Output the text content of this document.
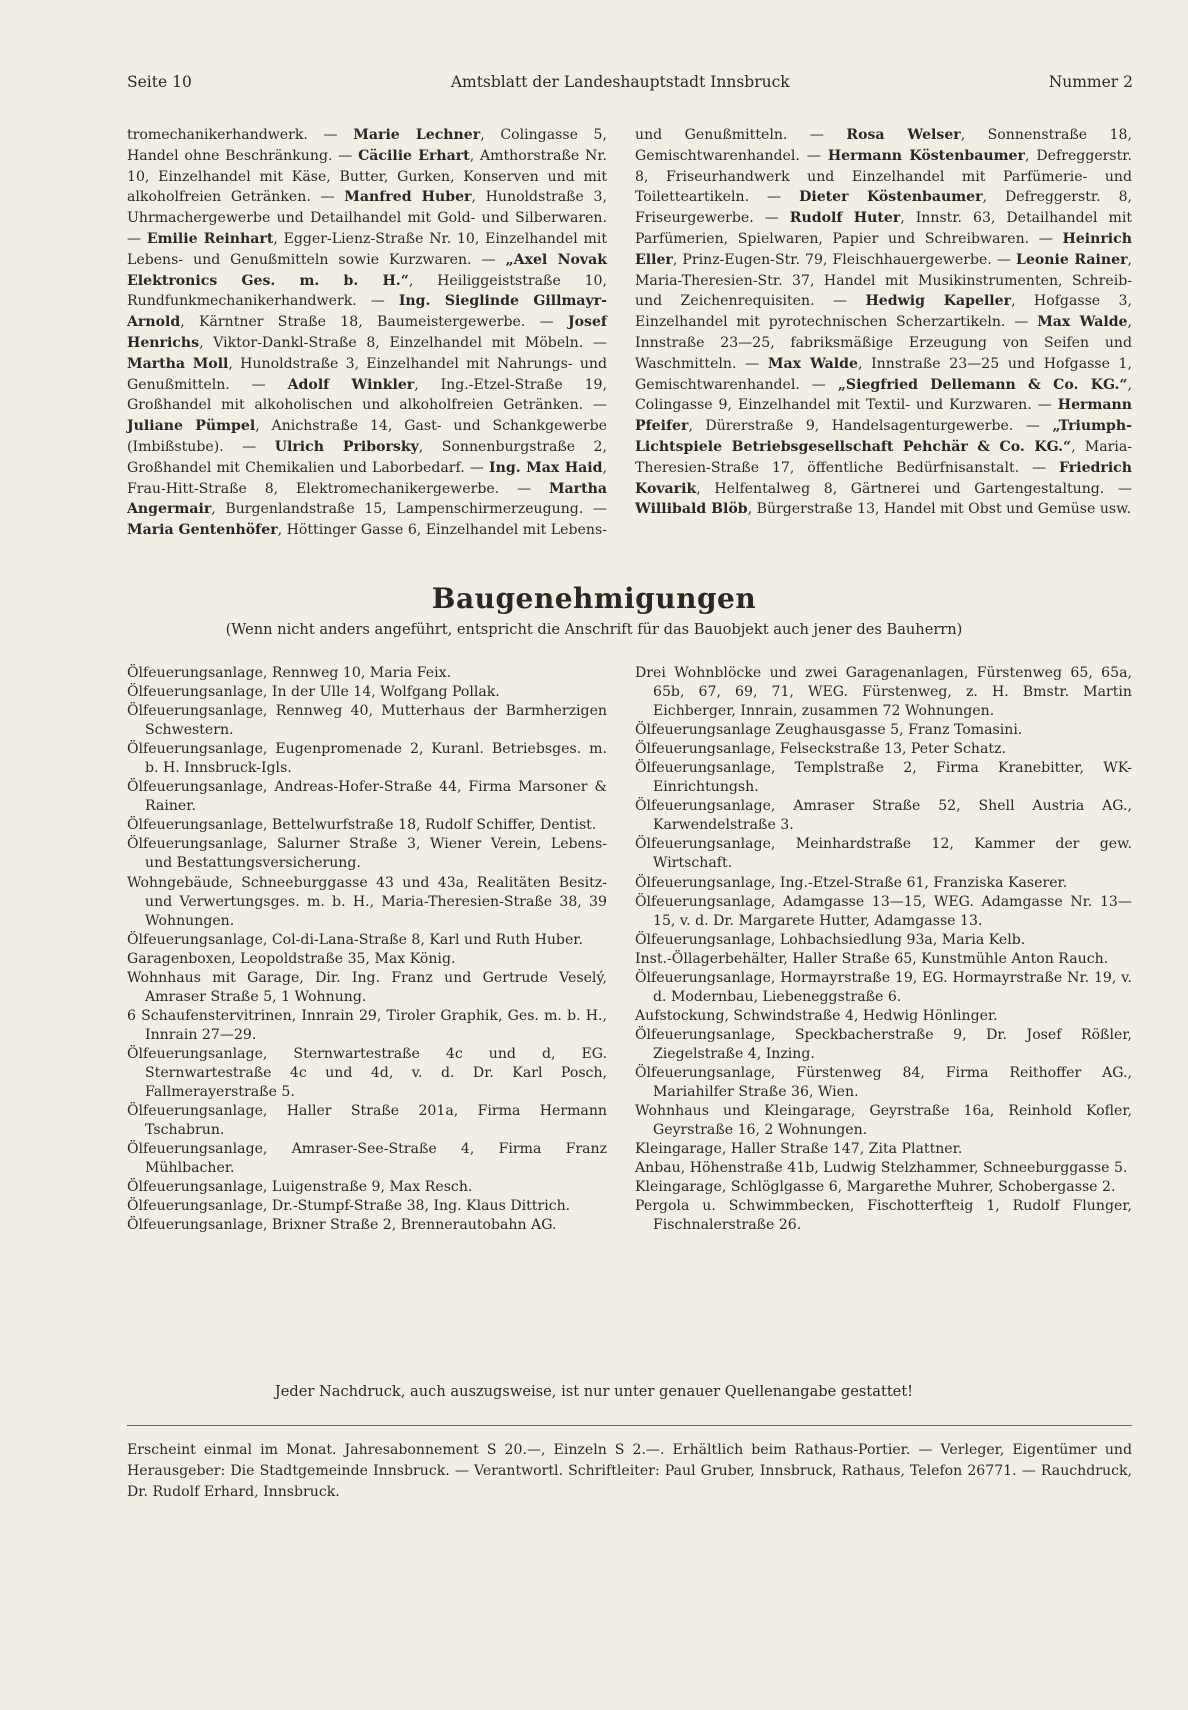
Seite 10	Amtsblatt der Landeshauptstadt Innsbruck	Nummer 2
tromechanikerhandwerk. — Marie Lechner, Colingasse 5, Handel ohne Beschränkung. — Cäcilie Erhart, Amthorstraße Nr. 10, Einzelhandel mit Käse, Butter, Gurken, Konserven und mit alkoholfreien Getränken. — Manfred Huber, Hunoldstraße 3, Uhrmachergewerbe und Detailhandel mit Gold- und Silberwaren. — Emilie Reinhart, Egger-Lienz-Straße Nr. 10, Einzelhandel mit Lebens- und Genußmitteln sowie Kurzwaren. — „Axel Novak Elektronics Ges. m. b. H.“, Heiliggeiststraße 10, Rundfunkmechanikerhandwerk. — Ing. Sieglinde Gillmayr-Arnold, Kärntner Straße 18, Baumeistergewerbe. — Josef Henrichs, Viktor-Dankl-Straße 8, Einzelhandel mit Möbeln. — Martha Moll, Hunoldstraße 3, Einzelhandel mit Nahrungs- und Genußmitteln. — Adolf Winkler, Ing.-Etzel-Straße 19, Großhandel mit alkoholischen und alkoholfreien Getränken. — Juliane Pümpel, Anichstraße 14, Gast- und Schankgewerbe (Imbißstube). — Ulrich Priborsky, Sonnenburgstraße 2, Großhandel mit Chemikalien und Laborbedarf. — Ing. Max Haid, Frau-Hitt-Straße 8, Elektromechanikergewerbe. — Martha Angermair, Burgenlandstraße 15, Lampenschirmerzeugung. — Maria Gentenhöfer, Höttinger Gasse 6, Einzelhandel mit Lebens-
und Genußmitteln. — Rosa Welser, Sonnenstraße 18, Gemischtwarenhandel. — Hermann Köstenbaumer, Defreggerstr. 8, Friseurhandwerk und Einzelhandel mit Parfümerie- und Toiletteartikeln. — Dieter Köstenbaumer, Defreggerstr. 8, Friseurgewerbe. — Rudolf Huter, Innstr. 63, Detailhandel mit Parfümerien, Spielwaren, Papier und Schreibwaren. — Heinrich Eller, Prinz-Eugen-Str. 79, Fleischhauergewerbe. — Leonie Rainer, Maria-Theresien-Str. 37, Handel mit Musikinstrumenten, Schreib- und Zeichenrequisiten. — Hedwig Kapeller, Hofgasse 3, Einzelhandel mit pyrotechnischen Scherzartikeln. — Max Walde, Innstraße 23—25, fabriksmäßige Erzeugung von Seifen und Waschmitteln. — Max Walde, Innstraße 23—25 und Hofgasse 1, Gemischtwarenhandel. — „Siegfried Dellemann & Co. KG.“, Colingasse 9, Einzelhandel mit Textil- und Kurzwaren. — Hermann Pfeifer, Dürerstraße 9, Handelsagenturgewerbe. — „Triumph-Lichtspiele Betriebsgesellschaft Pehchär & Co. KG.“, Maria-Theresien-Straße 17, öffentliche Bedürfnisanstalt. — Friedrich Kovarik, Helfentalweg 8, Gärtnerei und Gartengestaltung. — Willibald Blöb, Bürgerstraße 13, Handel mit Obst und Gemüse usw.
Baugenehmigungen
(Wenn nicht anders angeführt, entspricht die Anschrift für das Bauobjekt auch jener des Bauherrn)
Ölfeuerungsanlage, Rennweg 10, Maria Feix.
Ölfeuerungsanlage, In der Ulle 14, Wolfgang Pollak.
Ölfeuerungsanlage, Rennweg 40, Mutterhaus der Barmherzigen Schwestern.
Ölfeuerungsanlage, Eugenpromenade 2, Kuranl. Betriebsges. m. b. H. Innsbruck-Igls.
Ölfeuerungsanlage, Andreas-Hofer-Straße 44, Firma Marsoner & Rainer.
Ölfeuerungsanlage, Bettelwurfstraße 18, Rudolf Schiffer, Dentist.
Ölfeuerungsanlage, Salurner Straße 3, Wiener Verein, Lebens- und Bestattungsversicherung.
Wohngebäude, Schneeburggasse 43 und 43a, Realitäten Besitz- und Verwertungsges. m. b. H., Maria-Theresien-Straße 38, 39 Wohnungen.
Ölfeuerungsanlage, Col-di-Lana-Straße 8, Karl und Ruth Huber.
Garagenboxen, Leopoldstraße 35, Max König.
Wohnhaus mit Garage, Dir. Ing. Franz und Gertrude Veselý, Amraser Straße 5, 1 Wohnung.
6 Schaufenstervitrinen, Innrain 29, Tiroler Graphik, Ges. m. b. H., Innrain 27—29.
Ölfeuerungsanlage, Sternwartestraße 4c und d, EG. Sternwartestraße 4c und 4d, v. d. Dr. Karl Posch, Fallmerayerstraße 5.
Ölfeuerungsanlage, Haller Straße 201a, Firma Hermann Tschabrun.
Ölfeuerungsanlage, Amraser-See-Straße 4, Firma Franz Mühlbacher.
Ölfeuerungsanlage, Luigenstraße 9, Max Resch.
Ölfeuerungsanlage, Dr.-Stumpf-Straße 38, Ing. Klaus Dittrich.
Ölfeuerungsanlage, Brixner Straße 2, Brennerautobahn AG.
Drei Wohnblöcke und zwei Garagenanlagen, Fürstenweg 65, 65a, 65b, 67, 69, 71, WEG. Fürstenweg, z. H. Bmstr. Martin Eichberger, Innrain, zusammen 72 Wohnungen.
Ölfeuerungsanlage Zeughausgasse 5, Franz Tomasini.
Ölfeuerungsanlage, Felseckstraße 13, Peter Schatz.
Ölfeuerungsanlage, Templstraße 2, Firma Kranebitter, WK-Einrichtungsh.
Ölfeuerungsanlage, Amraser Straße 52, Shell Austria AG., Karwendelstraße 3.
Ölfeuerungsanlage, Meinhardstraße 12, Kammer der gew. Wirtschaft.
Ölfeuerungsanlage, Ing.-Etzel-Straße 61, Franziska Kaserer.
Ölfeuerungsanlage, Adamgasse 13—15, WEG. Adamgasse Nr. 13—15, v. d. Dr. Margarete Hutter, Adamgasse 13.
Ölfeuerungsanlage, Lohbachsiedlung 93a, Maria Kelb.
Inst.-Öllagerbehälter, Haller Straße 65, Kunstmühle Anton Rauch.
Ölfeuerungsanlage, Hormayrstraße 19, EG. Hormayrstraße Nr. 19, v. d. Modernbau, Liebeneggstraße 6.
Aufstockung, Schwindstraße 4, Hedwig Hönlinger.
Ölfeuerungsanlage, Speckbacherstraße 9, Dr. Josef Rößler, Ziegelstraße 4, Inzing.
Ölfeuerungsanlage, Fürstenweg 84, Firma Reithoffer AG., Mariahilfer Straße 36, Wien.
Wohnhaus und Kleingarage, Geyrstraße 16a, Reinhold Kofler, Geyrstraße 16, 2 Wohnungen.
Kleingarage, Haller Straße 147, Zita Plattner.
Anbau, Höhenstraße 41b, Ludwig Stelzhammer, Schneeburggasse 5.
Kleingarage, Schlöglgasse 6, Margarethe Muhrer, Schobergasse 2.
Pergola u. Schwimmbecken, Fischotterfteig 1, Rudolf Flunger, Fischnalerstraße 26.
Jeder Nachdruck, auch auszugsweise, ist nur unter genauer Quellenangabe gestattet!
Erscheint einmal im Monat. Jahresabonnement S 20.—, Einzeln S 2.—. Erhältlich beim Rathaus-Portier. — Verleger, Eigentümer und Herausgeber: Die Stadtgemeinde Innsbruck. — Verantwortl. Schriftleiter: Paul Gruber, Innsbruck, Rathaus, Telefon 26771. — Rauchdruck, Dr. Rudolf Erhard, Innsbruck.
